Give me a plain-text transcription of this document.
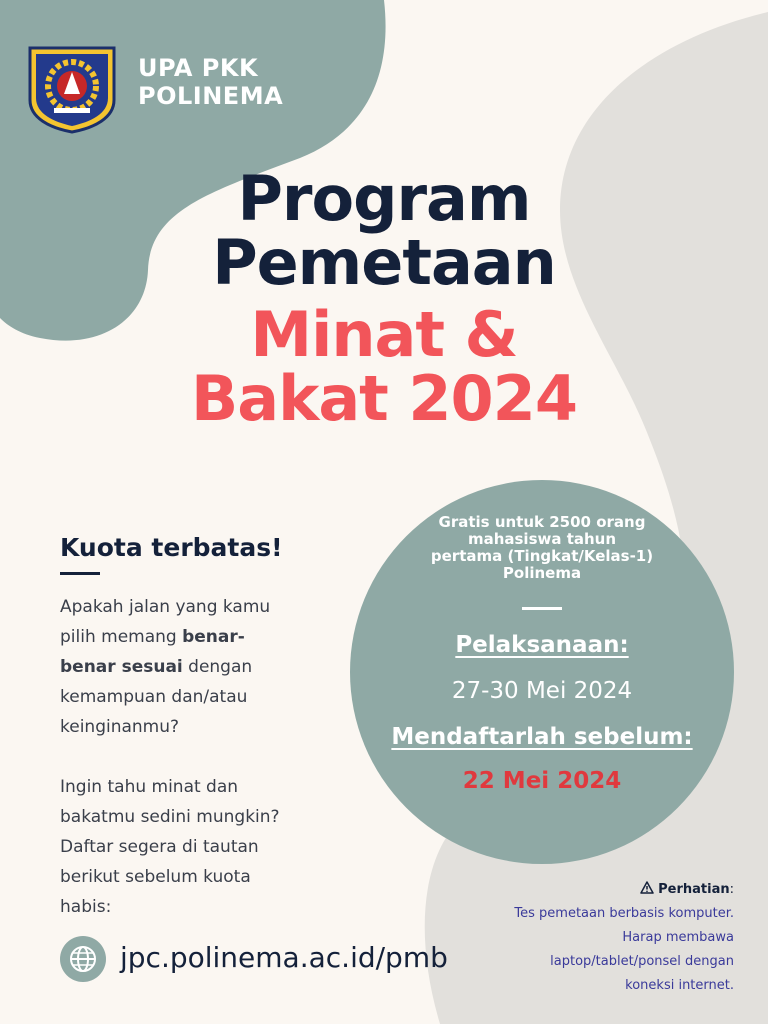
UPA PKK
POLINEMA
Program
Pemetaan
Minat &
Bakat 2024
Kuota terbatas!
Apakah jalan yang kamu
pilih memang benar-
benar sesuai dengan
kemampuan dan/atau
keinginanmu?
Ingin tahu minat dan
bakatmu sedini mungkin?
Daftar segera di tautan
berikut sebelum kuota
habis:
jpc.polinema.ac.id/pmb
Gratis untuk 2500 orang
mahasiswa tahun
pertama (Tingkat/Kelas-1)
Polinema
Pelaksanaan:
27-30 Mei 2024
Mendaftarlah sebelum:
22 Mei 2024
Perhatian:
Tes pemetaan berbasis komputer.
Harap membawa
laptop/tablet/ponsel dengan
koneksi internet.
